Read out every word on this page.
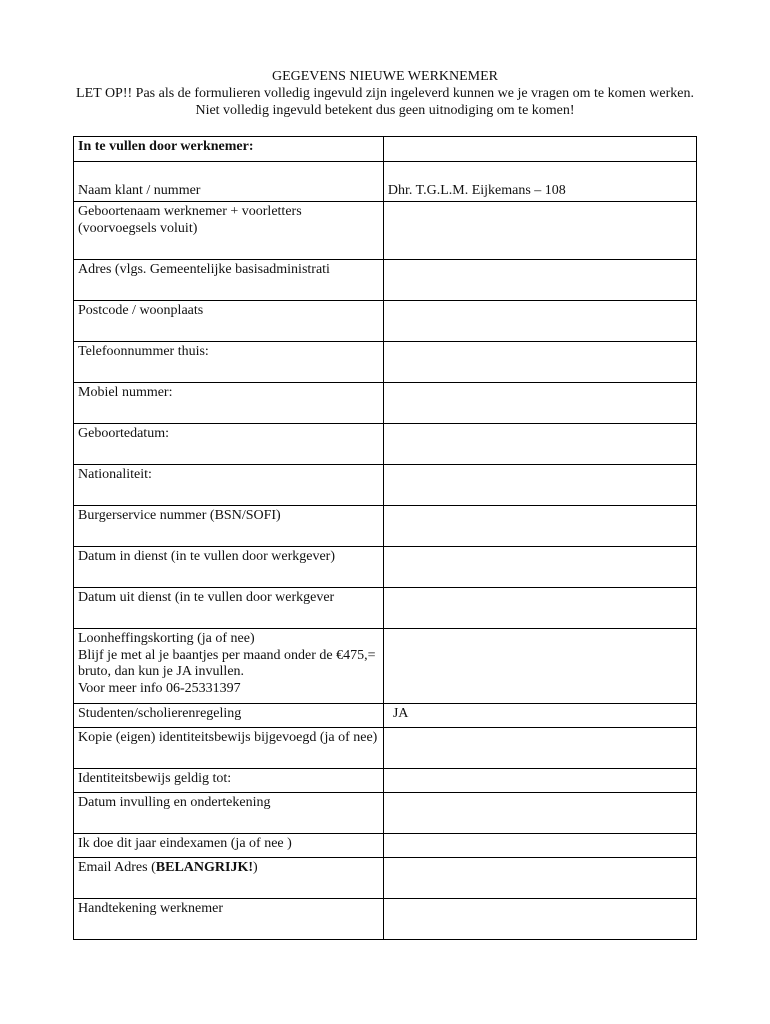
GEGEVENS NIEUWE WERKNEMER
LET OP!! Pas als de formulieren volledig ingevuld zijn ingeleverd kunnen we je vragen om te komen werken. Niet volledig ingevuld betekent dus geen uitnodiging om te komen!
In te vullen door werknemer:	
Naam klant / nummer	Dhr. T.G.L.M. Eijkemans – 108
Geboortenaam werknemer + voorletters (voorvoegsels voluit)	
Adres (vlgs. Gemeentelijke basisadministrati	
Postcode / woonplaats	
Telefoonnummer thuis:	
Mobiel nummer:	
Geboortedatum:	
Nationaliteit:	
Burgerservice nummer (BSN/SOFI)	
Datum in dienst (in te vullen door werkgever)	
Datum uit dienst (in te vullen door werkgever	
Loonheffingskorting (ja of nee)
Blijf je met al je baantjes per maand onder de €475,= bruto, dan kun je JA invullen.
Voor meer info 06-25331397	
Studenten/scholierenregeling	JA
Kopie (eigen) identiteitsbewijs bijgevoegd (ja of nee)	
Identiteitsbewijs geldig tot:	
Datum invulling en ondertekening	
Ik doe dit jaar eindexamen (ja of nee )	
Email Adres (BELANGRIJK!)	
Handtekening werknemer	
